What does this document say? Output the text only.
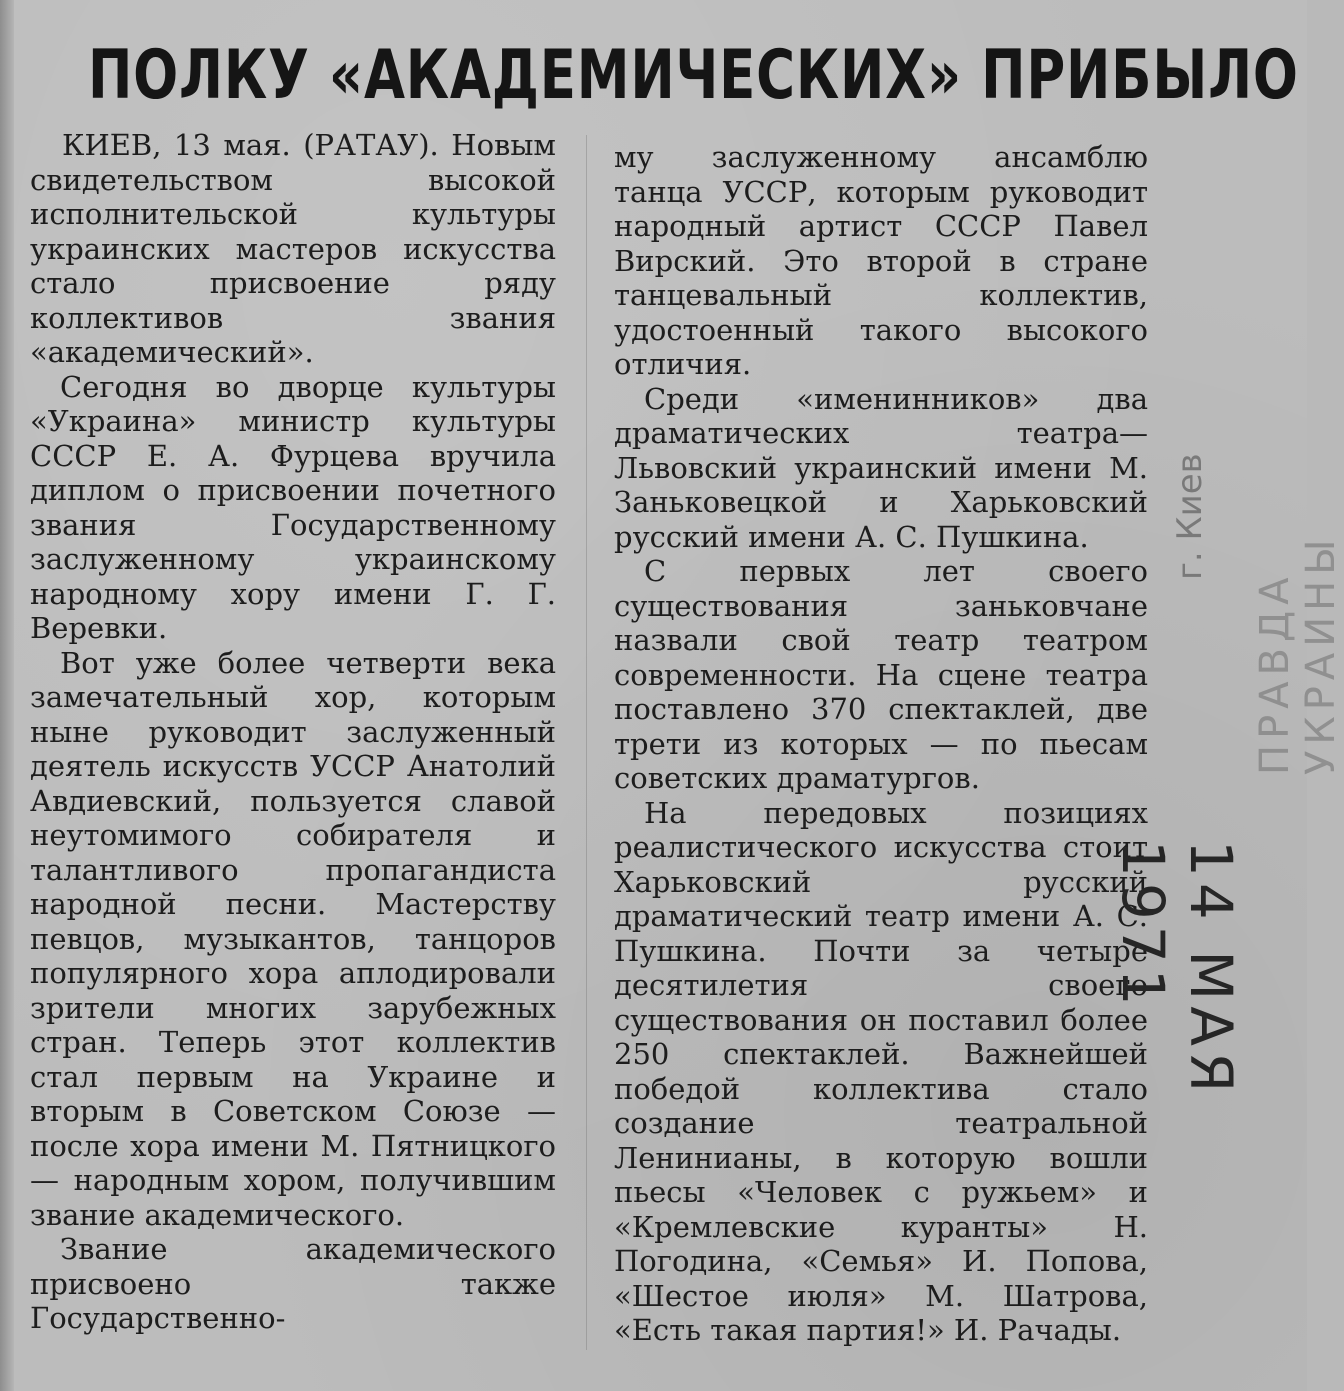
ПОЛКУ «АКАДЕМИЧЕСКИХ» ПРИБЫЛО

КИЕВ, 13 мая. (РАТАУ). Новым свидетельством высокой исполнительской культуры украинских мастеров искусства стало присвоение ряду коллективов звания «академический».

Сегодня во дворце культуры «Украина» министр культуры СССР Е. А. Фурцева вручила диплом о присвоении почетного звания Государственному заслуженному украинскому народному хору имени Г. Г. Веревки.

Вот уже более четверти века замечательный хор, которым ныне руководит заслуженный деятель искусств УССР Анатолий Авдиевский, пользуется славой неутомимого собирателя и талантливого пропагандиста народной песни. Мастерству певцов, музыкантов, танцоров популярного хора аплодировали зрители многих зарубежных стран. Теперь этот коллектив стал первым на Украине и вторым в Советском Союзе — после хора имени М. Пятницкого — народным хором, получившим звание академического.

Звание академического присвоено также Государственно-

му заслуженному ансамблю танца УССР, которым руководит народный артист СССР Павел Вирский. Это второй в стране танцевальный коллектив, удостоенный такого высокого отличия.

Среди «именинников» два драматических театра—Львовский украинский имени М. Заньковецкой и Харьковский русский имени А. С. Пушкина.

С первых лет своего существования заньковчане назвали свой театр театром современности. На сцене театра поставлено 370 спектаклей, две трети из которых — по пьесам советских драматургов.

На передовых позициях реалистического искусства стоит Харьковский русский драматический театр имени А. С. Пушкина. Почти за четыре десятилетия своего существования он поставил более 250 спектаклей. Важнейшей победой коллектива стало создание театральной Ленинианы, в которую вошли пьесы «Человек с ружьем» и «Кремлевские куранты» Н. Погодина, «Семья» И. Попова, «Шестое июля» М. Шатрова, «Есть такая партия!» И. Рачады.

ПРАВДА УКРАИНЫ
г. Киев
14 МАЯ 1971
